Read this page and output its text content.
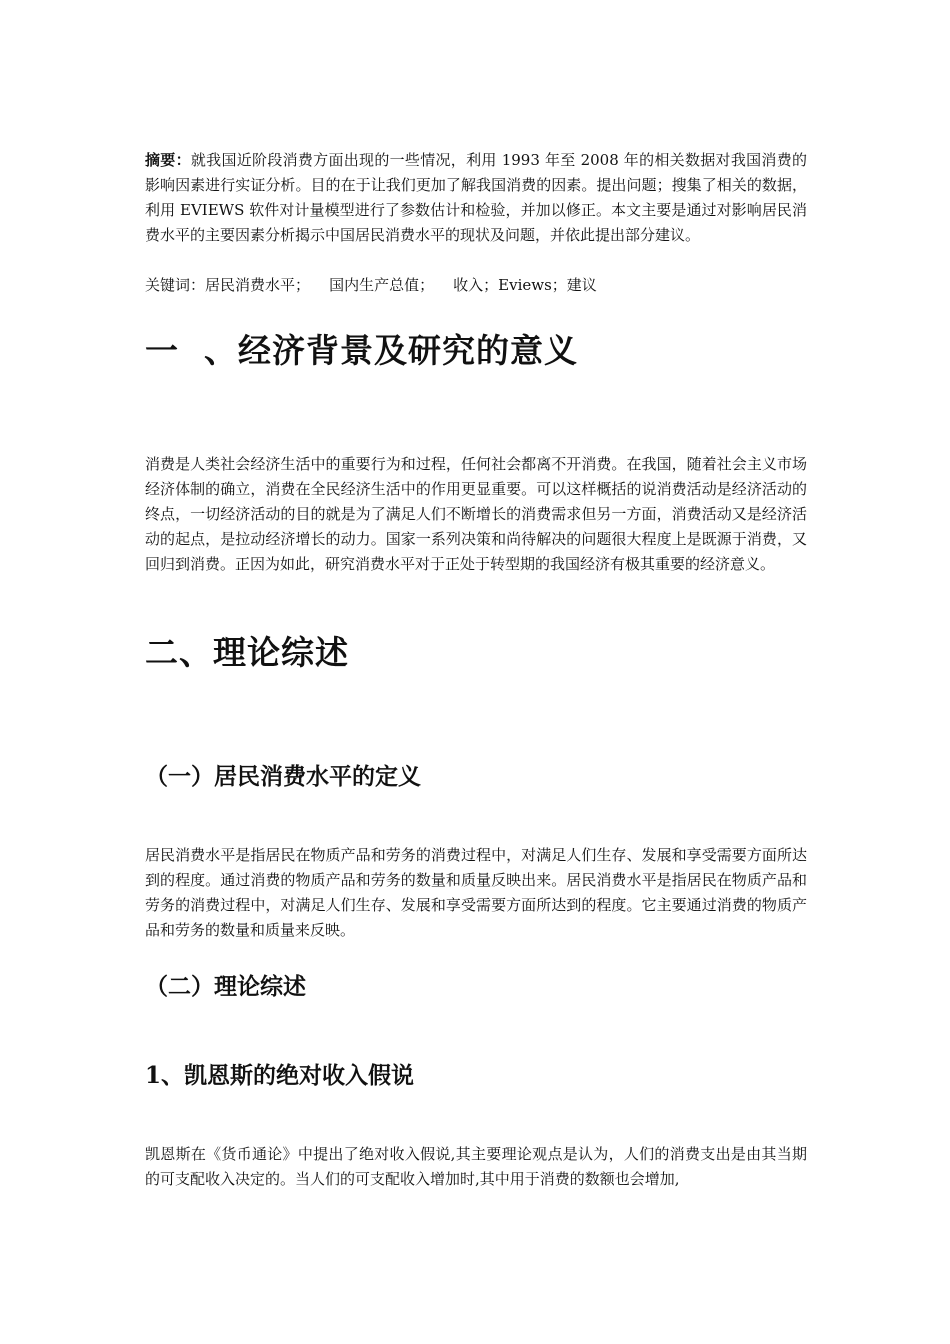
摘要：就我国近阶段消费方面出现的一些情况，利用 1993 年至 2008 年的相关数据对我国消费的影响因素进行实证分析。目的在于让我们更加了解我国消费的因素。提出问题；搜集了相关的数据，利用 EVIEWS 软件对计量模型进行了参数估计和检验，并加以修正。本文主要是通过对影响居民消费水平的主要因素分析揭示中国居民消费水平的现状及问题，并依此提出部分建议。

关键词：居民消费水平；    国内生产总值；    收入；Eviews；建议
一  、经济背景及研究的意义

消费是人类社会经济生活中的重要行为和过程，任何社会都离不开消费。在我国，随着社会主义市场经济体制的确立，消费在全民经济生活中的作用更显重要。可以这样概括的说消费活动是经济活动的终点，一切经济活动的目的就是为了满足人们不断增长的消费需求但另一方面，消费活动又是经济活动的起点，是拉动经济增长的动力。国家一系列决策和尚待解决的问题很大程度上是既源于消费，又回归到消费。正因为如此，研究消费水平对于正处于转型期的我国经济有极其重要的经济意义。

二、理论综述
（一）居民消费水平的定义

居民消费水平是指居民在物质产品和劳务的消费过程中，对满足人们生存、发展和享受需要方面所达到的程度。通过消费的物质产品和劳务的数量和质量反映出来。居民消费水平是指居民在物质产品和劳务的消费过程中，对满足人们生存、发展和享受需要方面所达到的程度。它主要通过消费的物质产品和劳务的数量和质量来反映。

（二）理论综述
1、凯恩斯的绝对收入假说

凯恩斯在《货币通论》中提出了绝对收入假说,其主要理论观点是认为，人们的消费支出是由其当期的可支配收入决定的。当人们的可支配收入增加时,其中用于消费的数额也会增加,
